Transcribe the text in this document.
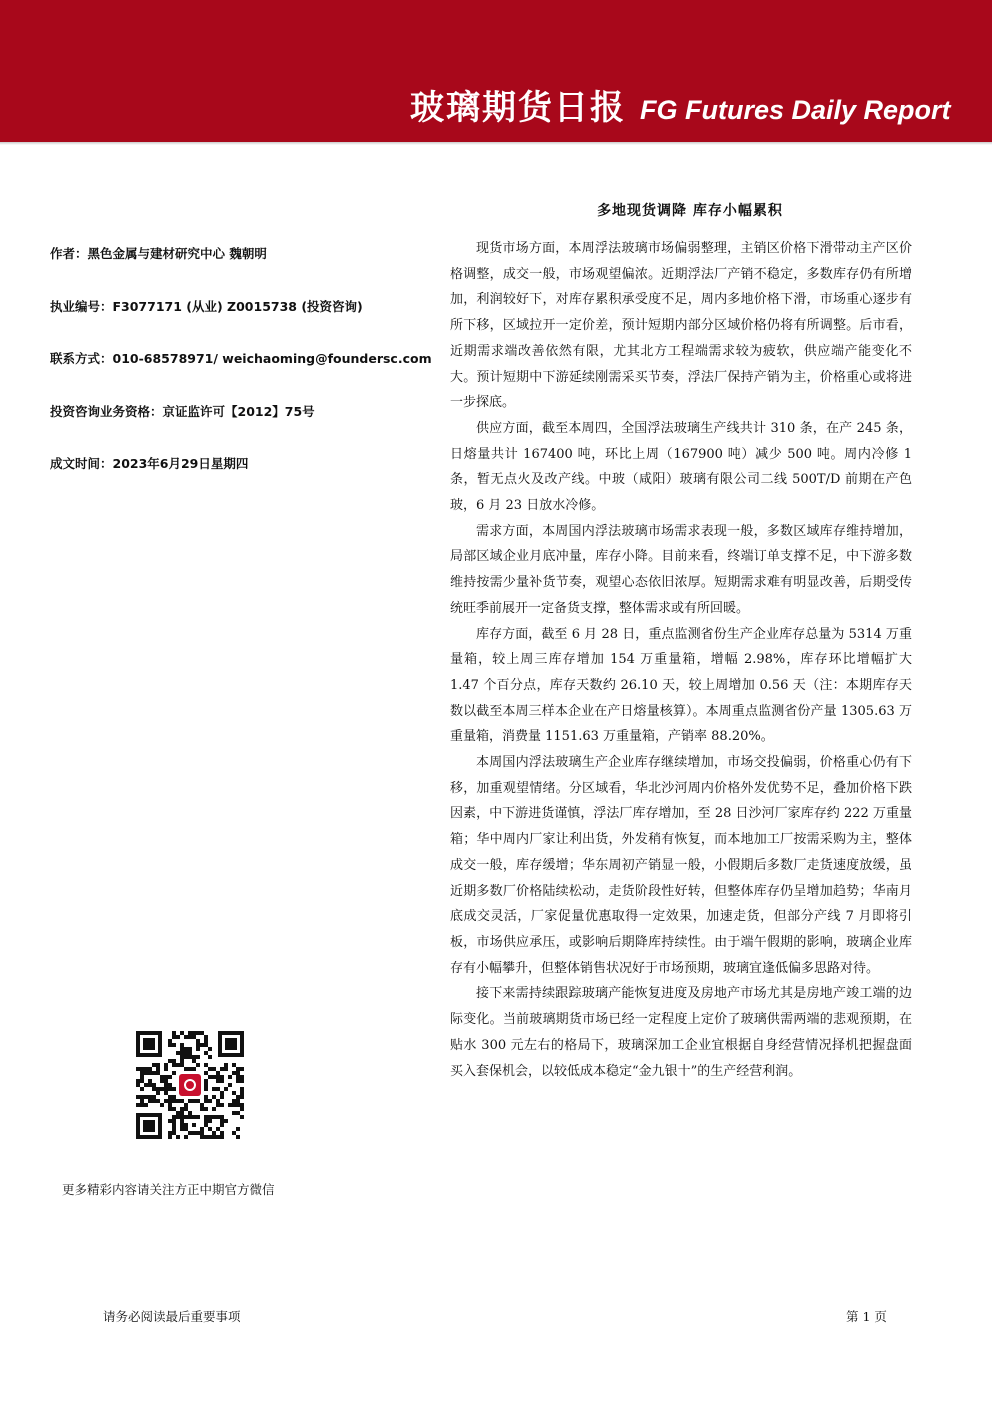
玻璃期货日报 FG Futures Daily Report
多地现货调降 库存小幅累积
作者：黑色金属与建材研究中心 魏朝明
执业编号：F3077171 (从业) Z0015738 (投资咨询)
联系方式：010-68578971/ weichaoming@foundersc.com
投资咨询业务资格：京证监许可【2012】75号
成文时间：2023年6月29日星期四

现货市场方面，本周浮法玻璃市场偏弱整理，主销区价格下滑带动主产区价格调整，成交一般，市场观望偏浓。近期浮法厂产销不稳定，多数库存仍有所增加，利润较好下，对库存累积承受度不足，周内多地价格下滑，市场重心逐步有所下移，区域拉开一定价差，预计短期内部分区域价格仍将有所调整。后市看，近期需求端改善依然有限，尤其北方工程端需求较为疲软，供应端产能变化不大。预计短期中下游延续刚需采买节奏，浮法厂保持产销为主，价格重心或将进一步探底。

供应方面，截至本周四，全国浮法玻璃生产线共计 310 条，在产 245 条，日熔量共计 167400 吨，环比上周（167900 吨）减少 500 吨。周内冷修 1 条，暂无点火及改产线。中玻（咸阳）玻璃有限公司二线 500T/D 前期在产色玻，6 月 23 日放水冷修。

需求方面，本周国内浮法玻璃市场需求表现一般，多数区域库存维持增加，局部区域企业月底冲量，库存小降。目前来看，终端订单支撑不足，中下游多数维持按需少量补货节奏，观望心态依旧浓厚。短期需求难有明显改善，后期受传统旺季前展开一定备货支撑，整体需求或有所回暖。

库存方面，截至 6 月 28 日，重点监测省份生产企业库存总量为 5314 万重量箱，较上周三库存增加 154 万重量箱，增幅 2.98%，库存环比增幅扩大 1.47 个百分点，库存天数约 26.10 天，较上周增加 0.56 天（注：本期库存天数以截至本周三样本企业在产日熔量核算）。本周重点监测省份产量 1305.63 万重量箱，消费量 1151.63 万重量箱，产销率 88.20%。

本周国内浮法玻璃生产企业库存继续增加，市场交投偏弱，价格重心仍有下移，加重观望情绪。分区域看，华北沙河周内价格外发优势不足，叠加价格下跌因素，中下游进货谨慎，浮法厂库存增加，至 28 日沙河厂家库存约 222 万重量箱；华中周内厂家让利出货，外发稍有恢复，而本地加工厂按需采购为主，整体成交一般，库存缓增；华东周初产销显一般，小假期后多数厂走货速度放缓，虽近期多数厂价格陆续松动，走货阶段性好转，但整体库存仍呈增加趋势；华南月底成交灵活，厂家促量优惠取得一定效果，加速走货，但部分产线 7 月即将引板，市场供应承压，或影响后期降库持续性。由于端午假期的影响，玻璃企业库存有小幅攀升，但整体销售状况好于市场预期，玻璃宜逢低偏多思路对待。

接下来需持续跟踪玻璃产能恢复进度及房地产市场尤其是房地产竣工端的边际变化。当前玻璃期货市场已经一定程度上定价了玻璃供需两端的悲观预期，在贴水 300 元左右的格局下，玻璃深加工企业宜根据自身经营情况择机把握盘面买入套保机会，以较低成本稳定“金九银十”的生产经营利润。

更多精彩内容请关注方正中期官方微信
请务必阅读最后重要事项	第 1 页
